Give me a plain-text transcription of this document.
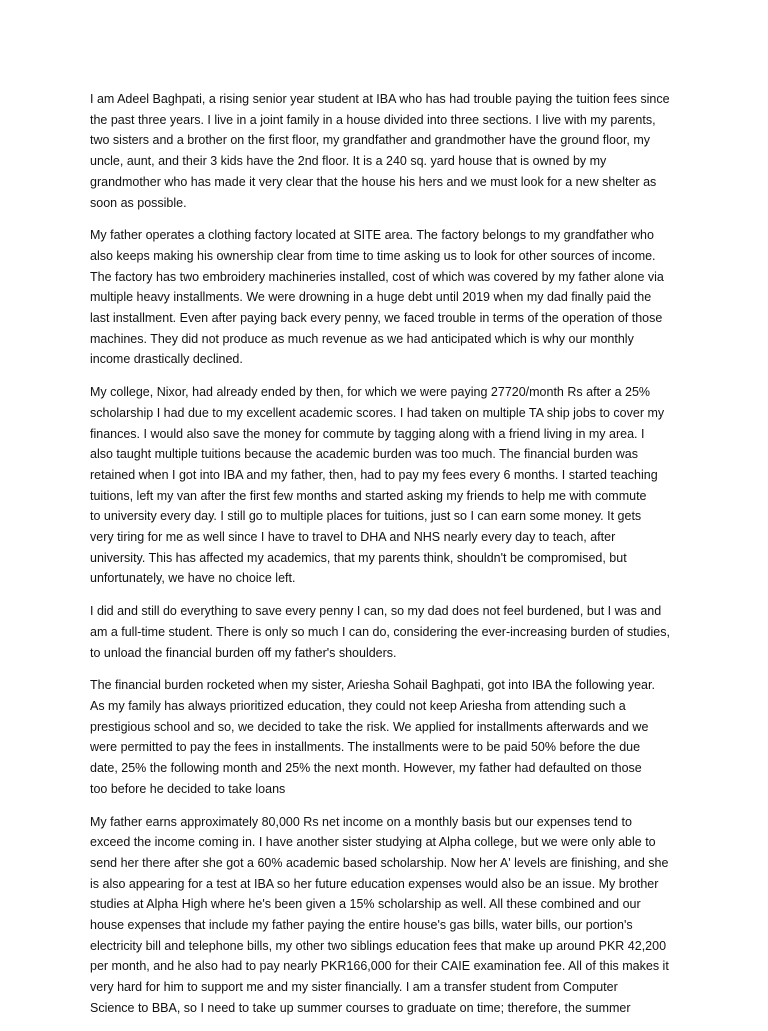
I am Adeel Baghpati, a rising senior year student at IBA who has had trouble paying the tuition fees since
the past three years. I live in a joint family in a house divided into three sections. I live with my parents,
two sisters and a brother on the first floor, my grandfather and grandmother have the ground floor, my
uncle, aunt, and their 3 kids have the 2nd floor. It is a 240 sq. yard house that is owned by my
grandmother who has made it very clear that the house his hers and we must look for a new shelter as
soon as possible.

My father operates a clothing factory located at SITE area. The factory belongs to my grandfather who
also keeps making his ownership clear from time to time asking us to look for other sources of income.
The factory has two embroidery machineries installed, cost of which was covered by my father alone via
multiple heavy installments. We were drowning in a huge debt until 2019 when my dad finally paid the
last installment. Even after paying back every penny, we faced trouble in terms of the operation of those
machines. They did not produce as much revenue as we had anticipated which is why our monthly
income drastically declined.

My college, Nixor, had already ended by then, for which we were paying 27720/month Rs after a 25%
scholarship I had due to my excellent academic scores. I had taken on multiple TA ship jobs to cover my
finances. I would also save the money for commute by tagging along with a friend living in my area. I
also taught multiple tuitions because the academic burden was too much. The financial burden was
retained when I got into IBA and my father, then, had to pay my fees every 6 months. I started teaching
tuitions, left my van after the first few months and started asking my friends to help me with commute
to university every day. I still go to multiple places for tuitions, just so I can earn some money. It gets
very tiring for me as well since I have to travel to DHA and NHS nearly every day to teach, after
university. This has affected my academics, that my parents think, shouldn't be compromised, but
unfortunately, we have no choice left.

I did and still do everything to save every penny I can, so my dad does not feel burdened, but I was and
am a full-time student. There is only so much I can do, considering the ever-increasing burden of studies,
to unload the financial burden off my father's shoulders.

The financial burden rocketed when my sister, Ariesha Sohail Baghpati, got into IBA the following year.
As my family has always prioritized education, they could not keep Ariesha from attending such a
prestigious school and so, we decided to take the risk. We applied for installments afterwards and we
were permitted to pay the fees in installments. The installments were to be paid 50% before the due
date, 25% the following month and 25% the next month. However, my father had defaulted on those
too before he decided to take loans

My father earns approximately 80,000 Rs net income on a monthly basis but our expenses tend to
exceed the income coming in. I have another sister studying at Alpha college, but we were only able to
send her there after she got a 60% academic based scholarship. Now her A' levels are finishing, and she
is also appearing for a test at IBA so her future education expenses would also be an issue. My brother
studies at Alpha High where he's been given a 15% scholarship as well. All these combined and our
house expenses that include my father paying the entire house's gas bills, water bills, our portion's
electricity bill and telephone bills, my other two siblings education fees that make up around PKR 42,200
per month, and he also had to pay nearly PKR166,000 for their CAIE examination fee. All of this makes it
very hard for him to support me and my sister financially. I am a transfer student from Computer
Science to BBA, so I need to take up summer courses to graduate on time; therefore, the summer
